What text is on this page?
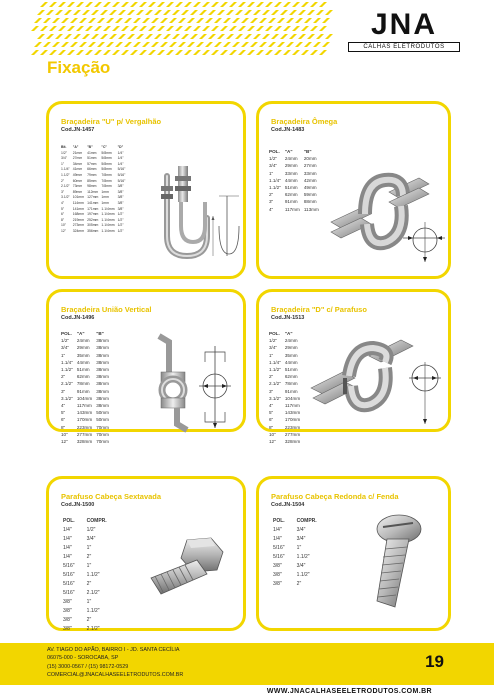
JNA
CALHAS ELETRODUTOS
Fixação
Braçadeira "U" p/ Vergalhão
Cod.JN-1457
Bit.	"A"	"B"	"C"	"D"
1/2"	21mm	41mm	5/8mm	1/4"
3/4"	27mm	51mm	5/8mm	1/4"
1"	34mm	57mm	5/8mm	1/4"
1.1/4"	41mm	66mm	5/8mm	5/16"
1.1/2"	49mm	79mm	7/8mm	5/16"
2"	60mm	85mm	7/8mm	5/16"
2.1/2"	73mm	98mm	7/8mm	3/8"
3"	89mm	112mm	1mm	3/8"
3.1/2"	101mm	127mm	1mm	3/8"
4"	114mm	141mm	1mm	3/8"
5"	141mm	171mm	1.1/4mm	3/8"
6"	168mm	197mm	1.1/4mm	1/2"
8"	219mm	252mm	1.1/4mm	1/2"
10"	273mm	305mm	1.1/4mm	1/2"
12"	324mm	356mm	1.1/4mm	1/2"
Braçadeira Ômega
Cod.JN-1483
POL.	"A"	"B"
1/2"	24mm	20mm
3/4"	29mm	27mm
1"	33mm	33mm
1.1/4"	44mm	42mm
1.1/2"	51mm	49mm
2"	62mm	59mm
3"	91mm	88mm
4"	117mm	113mm
Braçadeira União Vertical
Cod.JN-1496
POL.	"A"	"B"
1/2"	24mm	38mm
3/4"	29mm	38mm
1"	35mm	38mm
1.1/4"	44mm	38mm
1.1/2"	51mm	38mm
2"	62mm	38mm
2.1/2"	78mm	38mm
3"	91mm	38mm
3.1/2"	104mm	38mm
4"	117mm	38mm
5"	143mm	50mm
6"	170mm	50mm
8"	223mm	70mm
10"	277mm	70mm
12"	328mm	70mm
Braçadeira "D" c/ Parafuso
Cod.JN-1513
POL.	"A"
1/2"	24mm
3/4"	29mm
1"	35mm
1.1/4"	44mm
1.1/2"	51mm
2"	62mm
2.1/2"	78mm
3"	91mm
3.1/2"	104mm
4"	117mm
5"	143mm
6"	170mm
8"	223mm
10"	277mm
12"	328mm
Parafuso Cabeça Sextavada
Cod.JN-1500
POL.	COMPR.
1/4"	1/2"
1/4"	3/4"
1/4"	1"
1/4"	2"
5/16"	1"
5/16"	1.1/2"
5/16"	2"
5/16"	2.1/2"
3/8"	1"
3/8"	1.1/2"
3/8"	2"
3/8"	2.1/2"
Parafuso Cabeça Redonda c/ Fenda
Cod.JN-1504
POL.	COMPR.
1/4"	3/4"
1/4"	3/4"
5/16"	1"
5/16"	1.1/2"
3/8"	3/4"
3/8"	1.1/2"
3/8"	2"
AV. TIAGO DO APÃO, BAIRRO I - JD. SANTA CECÍLIA
06075-000 - SOROCABA, SP
(15) 3000-0567 / (15) 98172-0529
COMERCIAL@JNACALHASEELETRODUTOS.COM.BR
19
WWW.JNACALHASEELETRODUTOS.COM.BR
